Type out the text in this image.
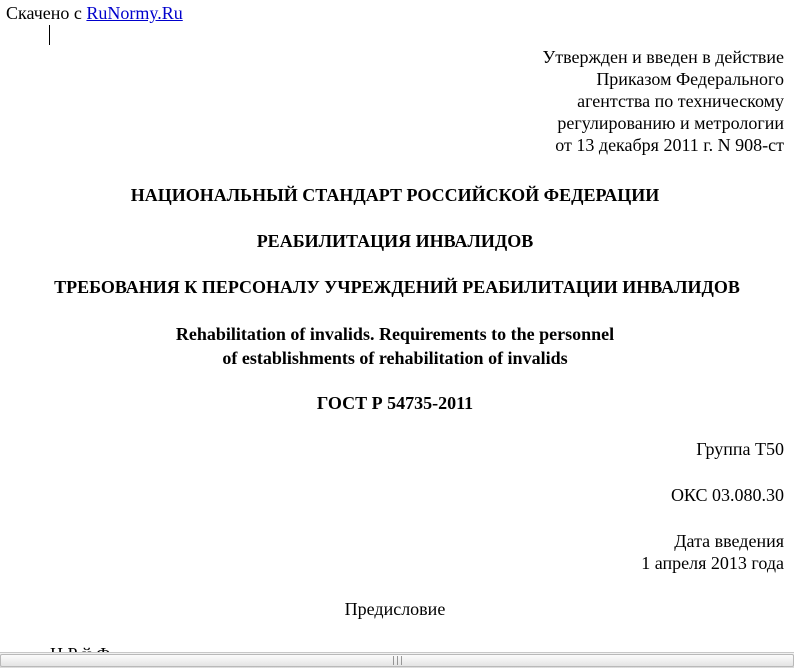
Скачено с RuNormy.Ru
Утвержден и введен в действие
Приказом Федерального
агентства по техническому
регулированию и метрологии
от 13 декабря 2011 г. N 908-ст
НАЦИОНАЛЬНЫЙ СТАНДАРТ РОССИЙСКОЙ ФЕДЕРАЦИИ
РЕАБИЛИТАЦИЯ ИНВАЛИДОВ
ТРЕБОВАНИЯ К ПЕРСОНАЛУ УЧРЕЖДЕНИЙ РЕАБИЛИТАЦИИ ИНВАЛИДОВ
Rehabilitation of invalids. Requirements to the personnel
of establishments of rehabilitation of invalids
ГОСТ Р 54735-2011
Группа Т50
ОКС 03.080.30
Дата введения
1 апреля 2013 года
Предисловие
|||
